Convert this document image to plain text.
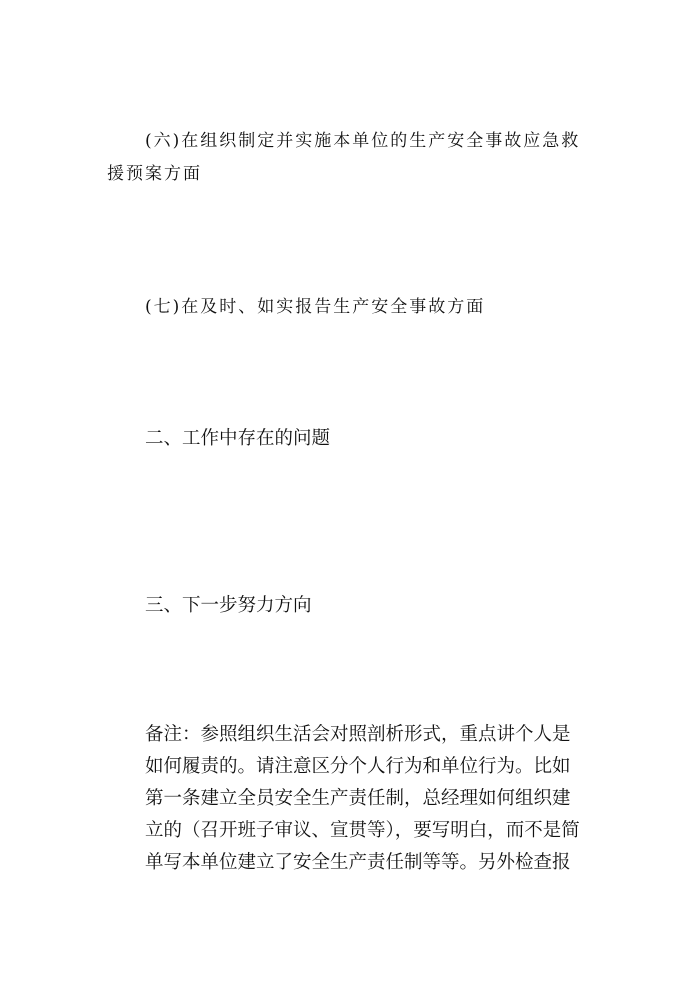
(六)在组织制定并实施本单位的生产安全事故应急救
援预案方面
(七)在及时、如实报告生产安全事故方面
二、工作中存在的问题
三、下一步努力方向
备注：参照组织生活会对照剖析形式，重点讲个人是
如何履责的。请注意区分个人行为和单位行为。比如
第一条建立全员安全生产责任制，总经理如何组织建
立的（召开班子审议、宣贯等），要写明白，而不是简
单写本单位建立了安全生产责任制等等。另外检查报
